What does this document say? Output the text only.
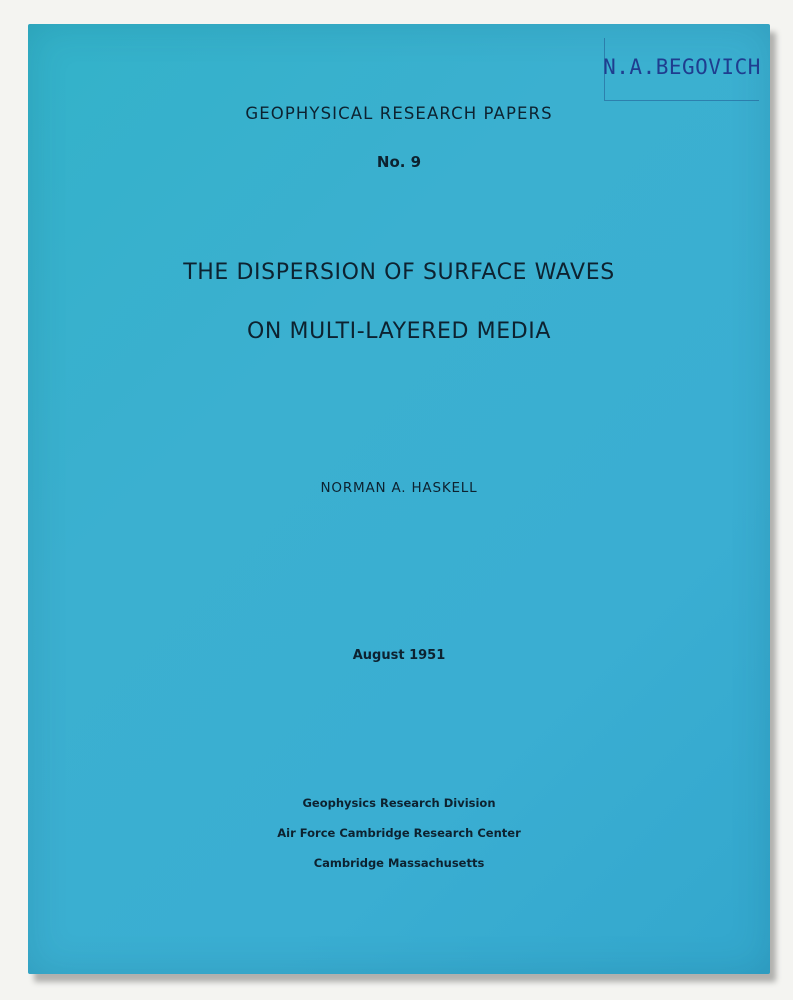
N.A.BEGOVICH
GEOPHYSICAL RESEARCH PAPERS
No. 9
THE DISPERSION OF SURFACE WAVES
ON MULTI-LAYERED MEDIA
NORMAN A. HASKELL
August 1951
Geophysics Research Division
Air Force Cambridge Research Center
Cambridge Massachusetts
